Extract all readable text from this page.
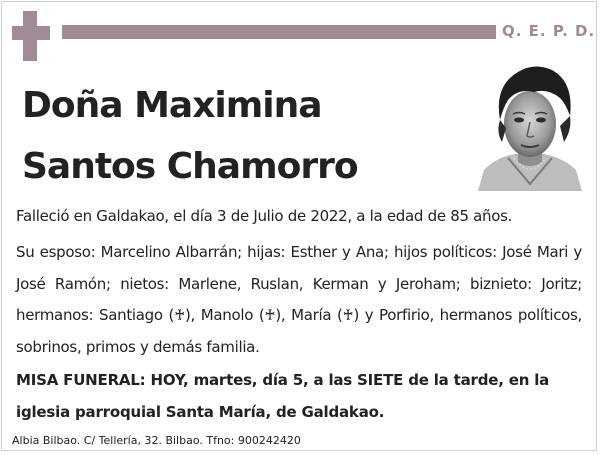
Q. E. P. D.
Doña Maximina
Santos Chamorro
Falleció en Galdakao, el día 3 de Julio de 2022, a la edad de 85 años.
Su esposo: Marcelino Albarrán; hijas: Esther y Ana; hijos políticos: José Mari y José Ramón; nietos: Marlene, Ruslan, Kerman y Jeroham; biznieto: Joritz; hermanos: Santiago (♰), Manolo (♰), María (♰) y Porfirio, hermanos políticos, sobrinos, primos y demás familia.
MISA FUNERAL: HOY, martes, día 5, a las SIETE de la tarde, en la iglesia parroquial Santa María, de Galdakao.
Albia Bilbao. C/ Tellería, 32. Bilbao. Tfno: 900242420
